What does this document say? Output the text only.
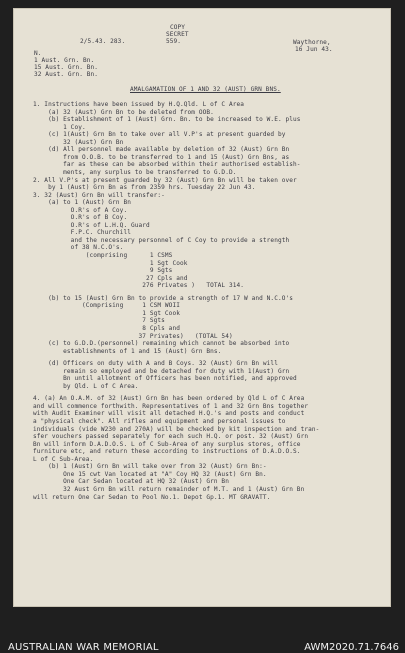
COPY

SECRET

2/5.43. 283.	559.	Waythorne,

16 Jun 43.

N.

1 Aust. Grn. Bn.

15 Aust. Grn. Bn.

32 Aust. Grn. Bn.

AMALGAMATION OF 1 AND 32 (AUST) GRN BNS.

1. Instructions have been issued by H.Q.Qld. L of C Area

(a) 32 (Aust) Grn Bn to be deleted from OOB.

(b) Establishment of 1 (Aust) Grn. Bn. to be increased to W.E. plus

1 Coy.

(c) 1(Aust) Grn Bn to take over all V.P's at present guarded by

32 (Aust) Grn Bn

(d) All personnel made available by deletion of 32 (Aust) Grn Bn

from O.O.B. to be transferred to 1 and 15 (Aust) Grn Bns, as

far as these can be absorbed within their authorised establish-

ments, any surplus to be transferred to G.D.D.

2. All V.P's at present guarded by 32 (Aust) Grn Bn will be taken over

by 1 (Aust) Grn Bn as from 2359 hrs. Tuesday 22 Jun 43.

3. 32 (Aust) Grn Bn will transfer:-

(a) to 1 (Aust) Grn Bn

O.R's of A Coy.

O.R's of B Coy.

O.R's of L.H.Q. Guard

F.P.C. Churchill

and the necessary personnel of C Coy to provide a strength

of 38 N.C.O's.

(comprising      1 CSMS

1 Sgt Cook

9 Sgts

27 Cpls and

276 Privates )   TOTAL 314.

(b) to 15 (Aust) Grn Bn to provide a strength of 17 W and N.C.O's

(Comprising     1 CSM WOII

1 Sgt Cook

7 Sgts

8 Cpls and

37 Privates)   (TOTAL 54)

(c) to G.D.D.(personnel) remaining which cannot be absorbed into

establishments of 1 and 15 (Aust) Grn Bns.

(d) Officers on duty with A and B Coys. 32 (Aust) Grn Bn will

remain so employed and be detached for duty with 1(Aust) Grn

Bn until allotment of Officers has been notified, and approved

by Qld. L of C Area.

4. (a) An O.A.M. of 32 (Aust) Grn Bn has been ordered by Qld L of C Area

and will commence forthwith. Representatives of 1 and 32 Grn Bns together

with Audit Examiner will visit all detached H.Q.'s and posts and conduct

a "physical check". All rifles and equipment and personal issues to

individuals (vide W230 and 270A) will be checked by kit inspection and tran-

sfer vouchers passed separately for each such H.Q. or post. 32 (Aust) Grn

Bn will inform D.A.D.O.S. L of C Sub-Area of any surplus stores, office

furniture etc, and return these according to instructions of D.A.D.O.S.

L of C Sub-Area.

(b) 1 (Aust) Grn Bn will take over from 32 (Aust) Grn Bn:-

One 15 cwt Van located at "A" Coy HQ 32 (Aust) Grn Bn.

One Car Sedan located at HQ 32 (Aust) Grn Bn

32 Aust Grn Bn will return remainder of M.T. and 1 (Aust) Grn Bn

will return One Car Sedan to Pool No.1. Depot Gp.1. MT GRAVATT.

AUSTRALIAN WAR MEMORIAL	AWM2020.71.7646
